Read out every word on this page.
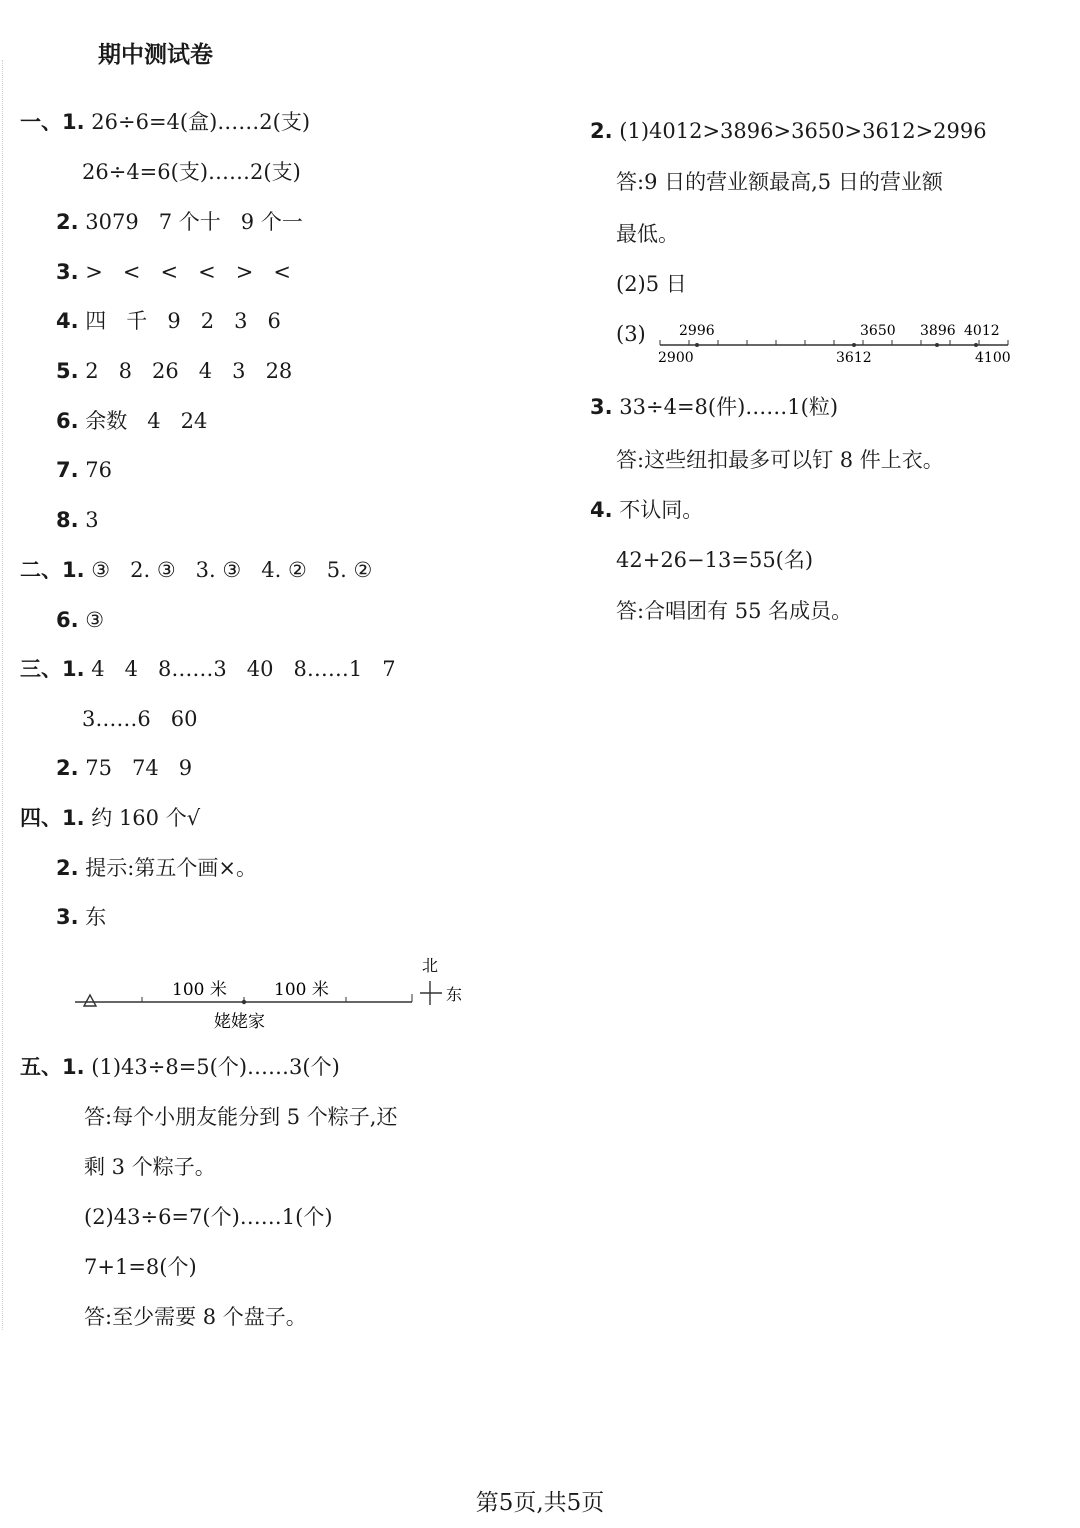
期中测试卷
一、1. 26÷6=4(盒)……2(支)
26÷4=6(支)……2(支)
2. 3079   7 个十   9 个一
3. >   <   <   <   >   <
4. 四   千   9   2   3   6
5. 2   8   26   4   3   28
6. 余数   4   24
7. 76
8. 3
二、1. ③   2. ③   3. ③   4. ②   5. ②
6. ③
三、1. 4   4   8……3   40   8……1   7
3……6   60
2. 75   74   9
四、1. 约 160 个√
2. 提示:第五个画×。
3. 东
100 米	100 米
姥姥家
北
东
五、1. (1)43÷8=5(个)……3(个)
答:每个小朋友能分到 5 个粽子,还
剩 3 个粽子。
(2)43÷6=7(个)……1(个)
7+1=8(个)
答:至少需要 8 个盘子。
2. (1)4012>3896>3650>3612>2996
答:9 日的营业额最高,5 日的营业额
最低。
(2)5 日
(3) 2996	3650 3896 4012
2900	3612	4100
3. 33÷4=8(件)……1(粒)
答:这些纽扣最多可以钉 8 件上衣。
4. 不认同。
42+26−13=55(名)
答:合唱团有 55 名成员。
第5页,共5页
